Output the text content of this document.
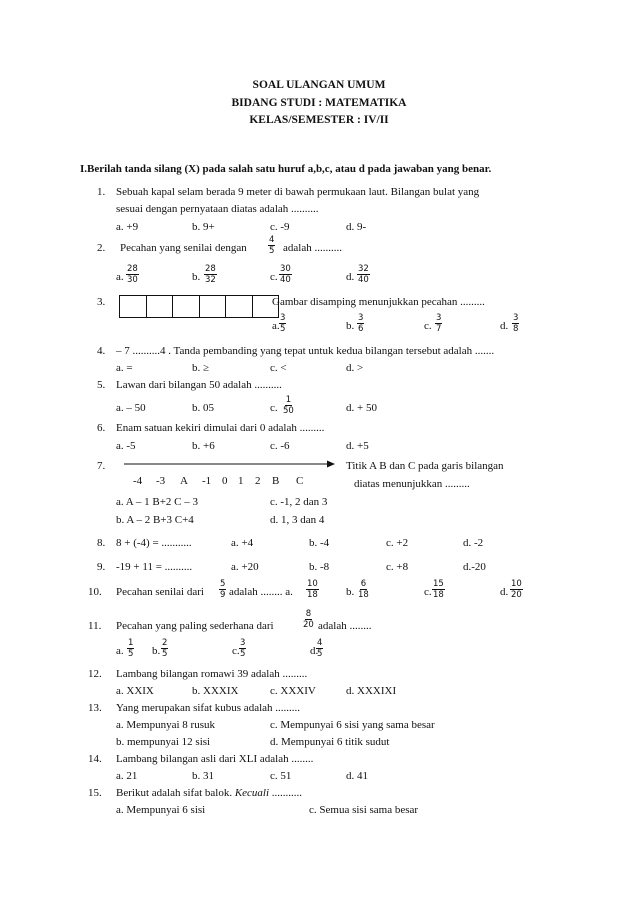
SOAL ULANGAN UMUM
BIDANG STUDI : MATEMATIKA
KELAS/SEMESTER : IV/II
I.Berilah tanda silang (X) pada salah satu huruf a,b,c, atau d pada jawaban yang benar.
1. Sebuah kapal selam berada 9 meter di bawah permukaan laut. Bilangan bulat yang
sesuai dengan pernyataan diatas adalah ..........
a. +9	b. 9+	c. -9	d. 9-
2. Pecahan yang senilai dengan $\frac{4}{5}$ adalah ..........
a. $\frac{28}{30}$	b. $\frac{28}{32}$	c. $\frac{30}{40}$	d. $\frac{32}{40}$
3.	Gambar disamping menunjukkan pecahan .........
a. $\frac{3}{5}$	b. $\frac{3}{6}$	c. $\frac{3}{7}$	d. $\frac{3}{8}$
4. – 7 ..........4 . Tanda pembanding yang tepat untuk kedua bilangan tersebut adalah .......
a. =	b. ≥	c. <	d. >
5. Lawan dari bilangan 50 adalah ..........
a. – 50	b. 05	c. $\frac{1}{50}$	d. + 50
6. Enam satuan kekiri dimulai dari 0 adalah .........
a. -5	b. +6	c. -6	d. +5
7.
-4 -3 A -1 0 1 2 B C
Titik A B dan C pada garis bilangan
diatas menunjukkan .........
a. A – 1 B+2 C – 3
b. A – 2 B+3 C+4
c. -1, 2 dan 3
d. 1, 3 dan 4
8. 8 + (-4) = ...........	a. +4	b. -4	c. +2	d. -2
9. -19 + 11 = ..........	a. +20	b. -8	c. +8	d.-20
10. Pecahan senilai dari $\frac{5}{9}$ adalah ........ a. $\frac{10}{18} b$. $\frac{6}{18}$	c. $\frac{15}{18}$	d. $\frac{10}{20}$
11. Pecahan yang paling sederhana dari	$\frac{8}{20}$ adalah ........
a. $\frac{1}{5} b$. $\frac{2}{5}$	c. $\frac{3}{5}$	d.
$\frac{4}{5}$
12. Lambang bilangan romawi 39 adalah .........
a. XXIX	b. XXXIX	c. XXXIV	d. XXXIXI
13. Yang merupakan sifat kubus adalah .........
a. Mempunyai 8 rusuk	c. Mempunyai 6 sisi yang sama besar
b. mempunyai 12 sisi	d. Mempunyai 6 titik sudut
14. Lambang bilangan asli dari XLI adalah ........
a. 21	b. 31	c. 51	d. 41
15. Berikut adalah sifat balok. Kecuali ...........
a. Mempunyai 6 sisi	c. Semua sisi sama besar
